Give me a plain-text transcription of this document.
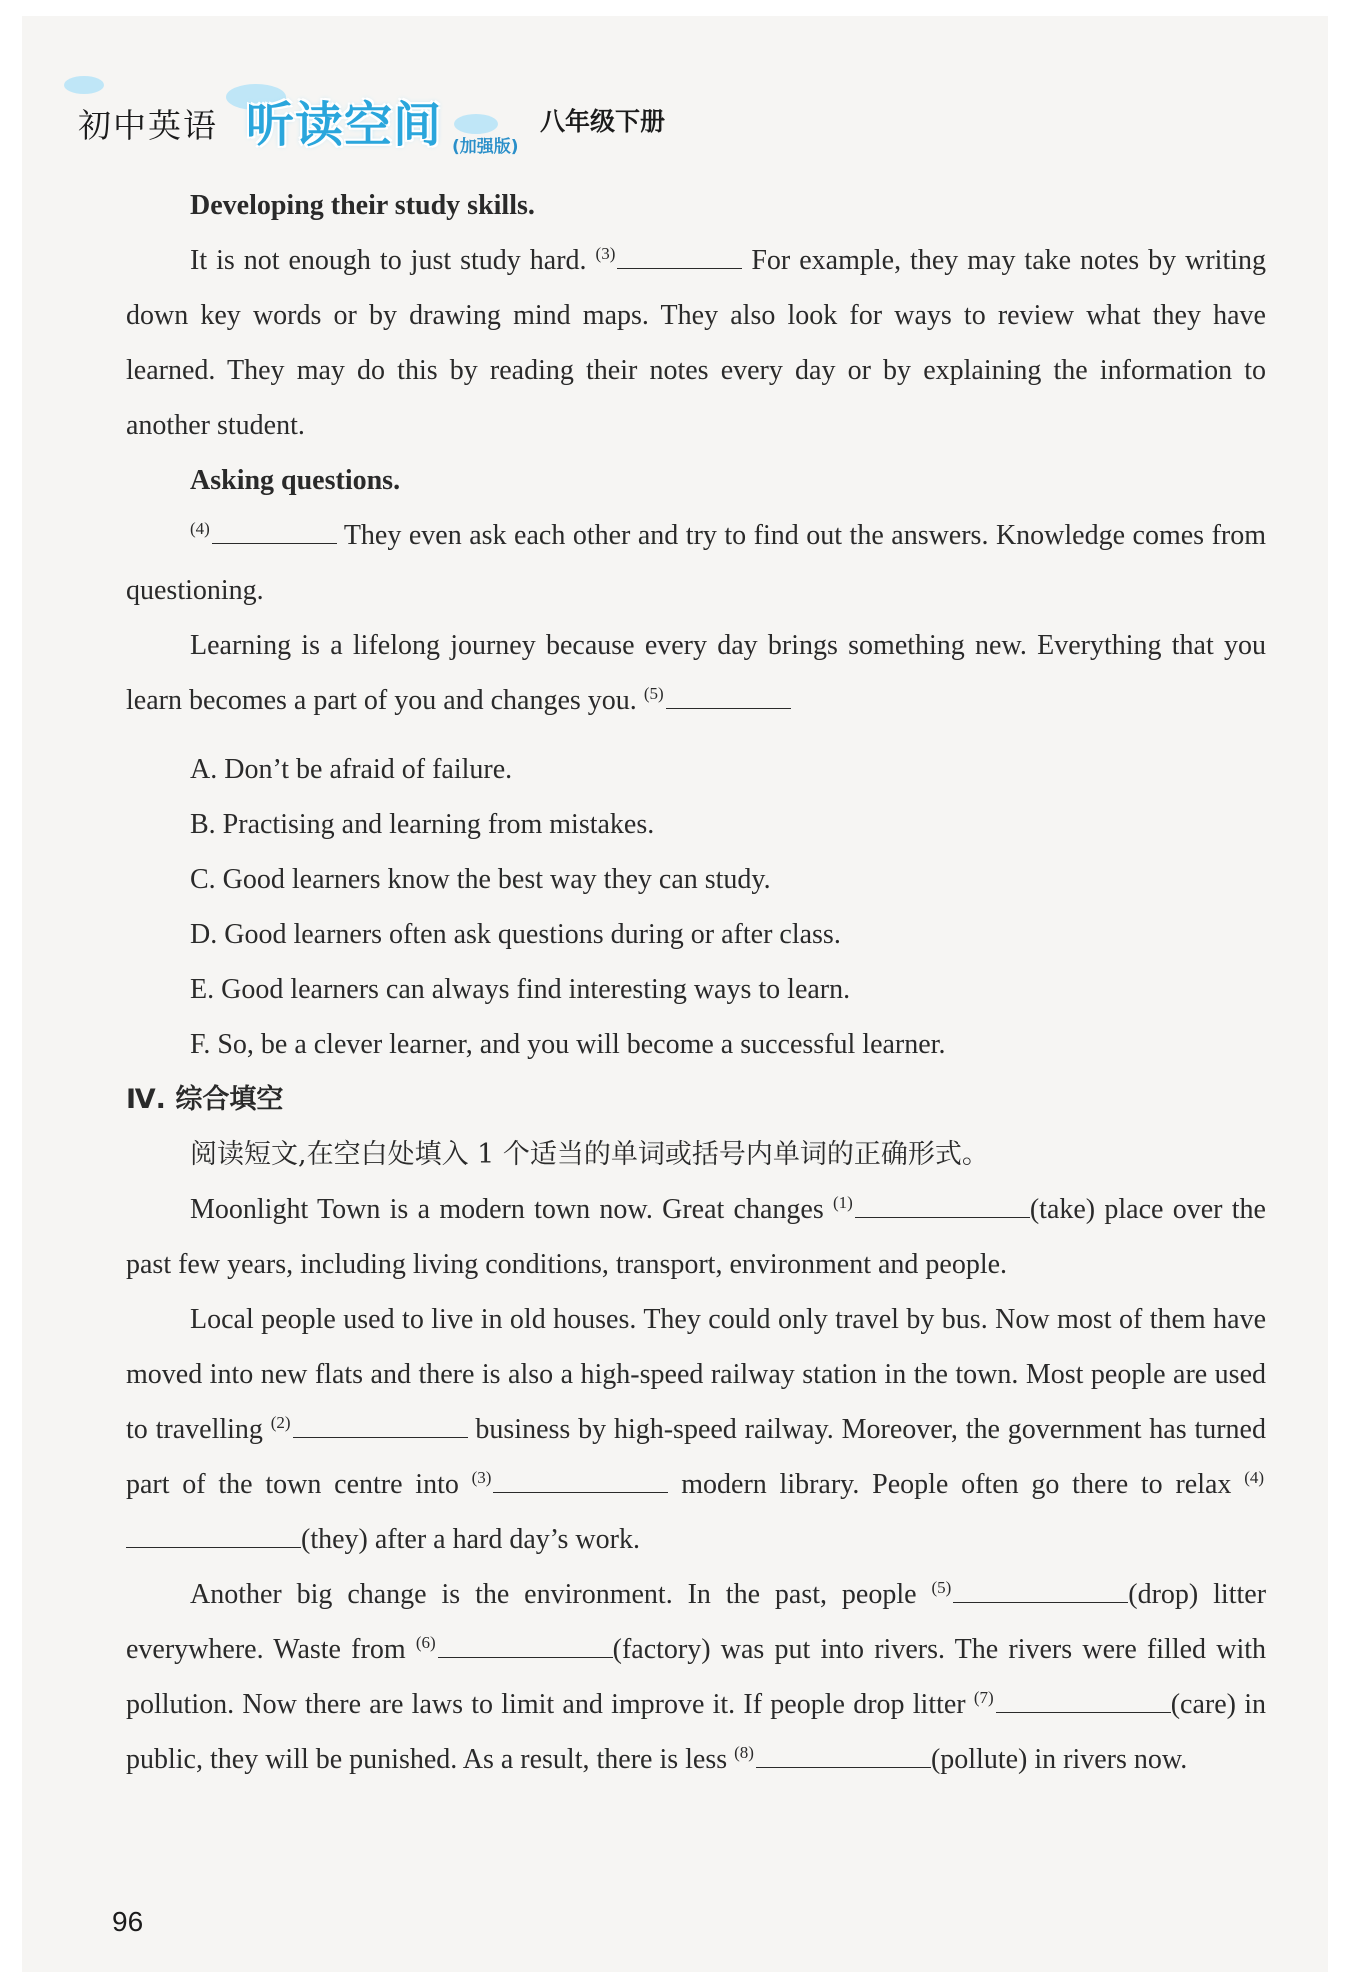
初中英语 听读空间 (加强版)
八年级下册
Developing their study skills.

It is not enough to just study hard. $^{(3)}$	For example, they may take notes by writing down key words or by drawing mind maps. They also look for ways to review what they have learned. They may do this by reading their notes every day or by explaining the information to another student.

Asking questions.

$^{(4)}$	They even ask each other and try to find out the answers. Knowledge comes from questioning.

Learning is a lifelong journey because every day brings something new. Everything that you learn becomes a part of you and changes you. $^{(5)}$

A. Don’t be afraid of failure.
B. Practising and learning from mistakes.
C. Good learners know the best way they can study.
D. Good learners often ask questions during or after class.
E. Good learners can always find interesting ways to learn.
F. So, be a clever learner, and you will become a successful learner.
Ⅳ. 综合填空
阅读短文,在空白处填入 1 个适当的单词或括号内单词的正确形式。

Moonlight Town is a modern town now. Great changes $^{(1)}$	(take) place over the past few years, including living conditions, transport, environment and people.

Local people used to live in old houses. They could only travel by bus. Now most of them have moved into new flats and there is also a high-speed railway station in the town. Most people are used to travelling $^{(2)}$	business by high-speed railway. Moreover, the government has turned part of the town centre into $^{(3)}$	modern library. People often go there to relax $^{(4)}$(they) after a hard day’s work.

Another big change is the environment. In the past, people $^{(5)}$	(drop) litter everywhere. Waste from $^{(6)}$	(factory) was put into rivers. The rivers were filled with pollution. Now there are laws to limit and improve it. If people drop litter $^{(7)}$	(care) in public, they will be punished. As a result, there is less $^{(8)}$	(pollute) in rivers now.

96
